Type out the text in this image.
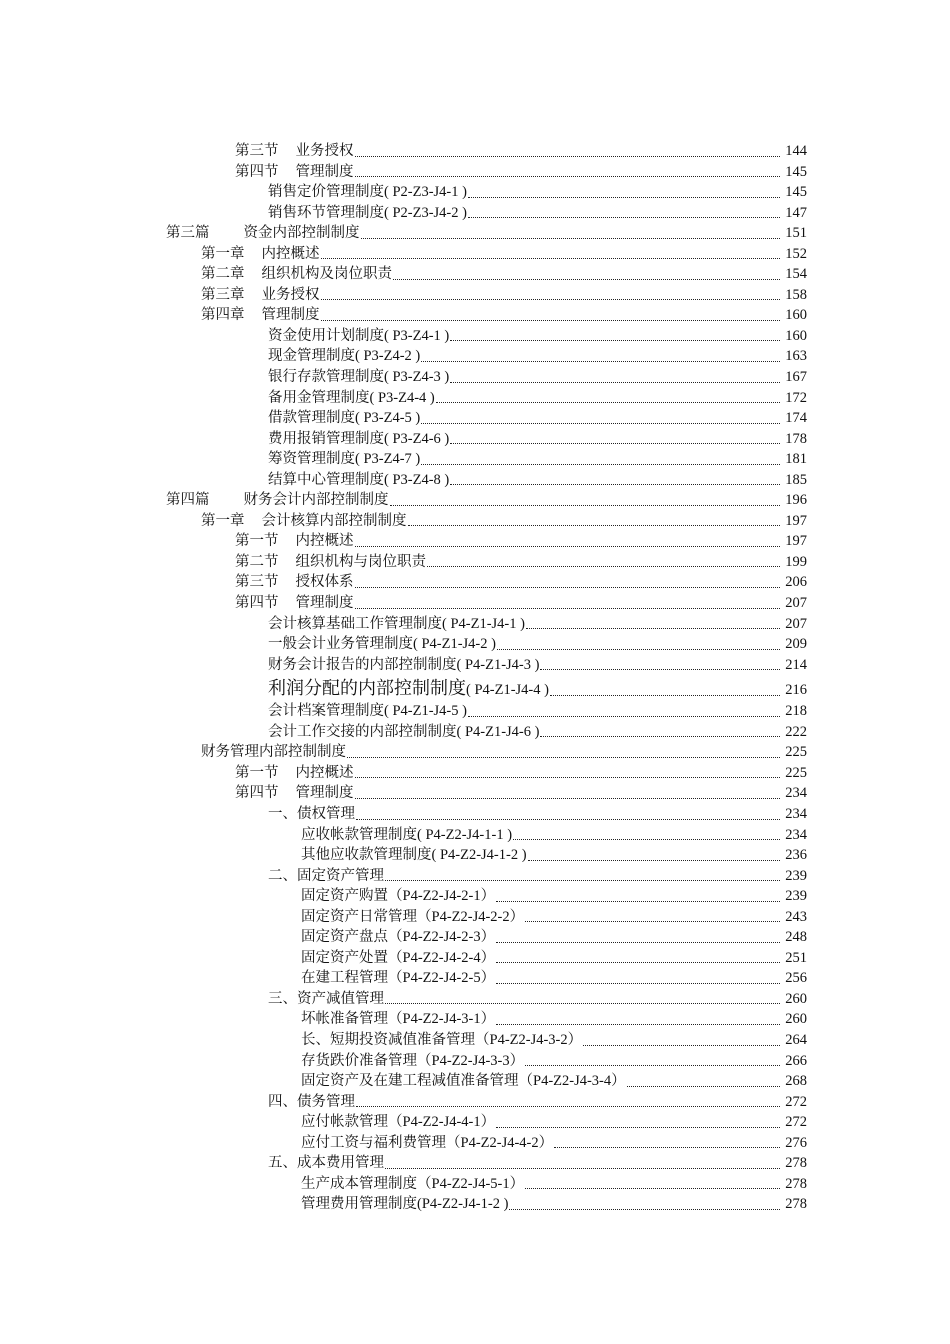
第三节 业务授权	144
第四节 管理制度	145
销售定价管理制度 ( P2-Z3-J4-1 )	145
销售环节管理制度 ( P2-Z3-J4-2 )	147
第三篇 资金内部控制制度	151
第一章 内控概述	152
第二章 组织机构及岗位职责	154
第三章 业务授权	158
第四章 管理制度	160
资金使用计划制度 ( P3-Z4-1 )	160
现金管理制度 ( P3-Z4-2 )	163
银行存款管理制度 ( P3-Z4-3 )	167
备用金管理制度 ( P3-Z4-4 )	172
借款管理制度 ( P3-Z4-5 )	174
费用报销管理制度 ( P3-Z4-6 )	178
筹资管理制度 ( P3-Z4-7 )	181
结算中心管理制度 ( P3-Z4-8 )	185
第四篇 财务会计内部控制制度	196
第一章 会计核算内部控制制度	197
第一节 内控概述	197
第二节 组织机构与岗位职责	199
第三节 授权体系	206
第四节 管理制度	207
会计核算基础工作管理制度 ( P4-Z1-J4-1 )	207
一般会计业务管理制度 ( P4-Z1-J4-2 )	209
财务会计报告的内部控制制度 ( P4-Z1-J4-3 )	214
利润分配的内部控制制度 ( P4-Z1-J4-4 )	216
会计档案管理制度 ( P4-Z1-J4-5 )	218
会计工作交接的内部控制制度 ( P4-Z1-J4-6 )	222
财务管理内部控制制度	225
第一节 内控概述	225
第四节 管理制度	234
一、债权管理	234
应收帐款管理制度 ( P4-Z2-J4-1-1 )	234
其他应收款管理制度 ( P4-Z2-J4-1-2 )	236
二、固定资产管理	239
固定资产购置 （P4-Z2-J4-2-1）	239
固定资产日常管理 （P4-Z2-J4-2-2）	243
固定资产盘点 （P4-Z2-J4-2-3）	248
固定资产处置 （P4-Z2-J4-2-4）	251
在建工程管理 （P4-Z2-J4-2-5）	256
三、资产减值管理	260
坏帐准备管理 （P4-Z2-J4-3-1）	260
长、短期投资减值准备管理 （P4-Z2-J4-3-2）	264
存货跌价准备管理 （P4-Z2-J4-3-3）	266
固定资产及在建工程减值准备管理 （P4-Z2-J4-3-4）	268
四、债务管理	272
应付帐款管理 （P4-Z2-J4-4-1）	272
应付工资与福利费管理 （P4-Z2-J4-4-2）	276
五、成本费用管理	278
生产成本管理制度 （P4-Z2-J4-5-1）	278
管理费用管理制度 (P4-Z2-J4-1-2 )	278
